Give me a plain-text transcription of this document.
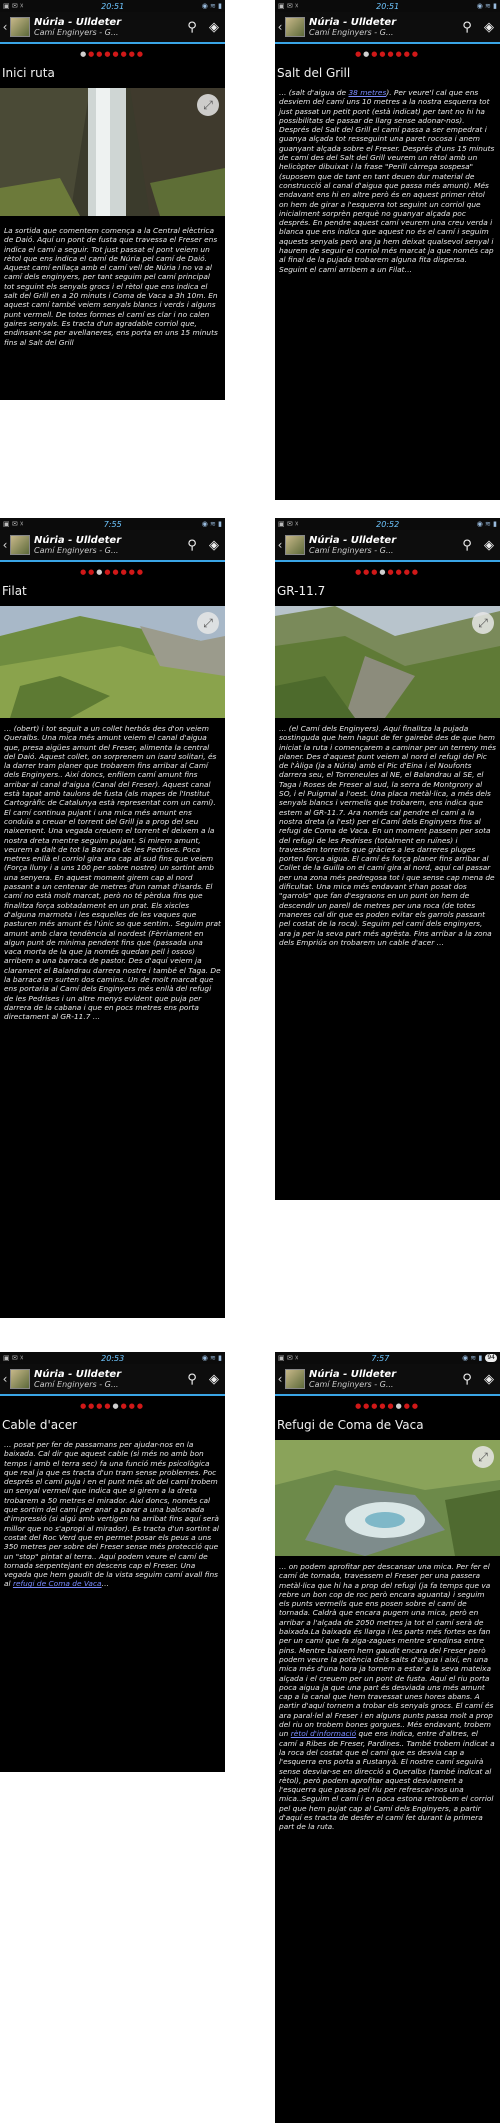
▣ ✉ ☓	20:51	◉ ≋ ▮
‹	Núria - Ulldeter
Camí Enginyers - G...	⚲ ◈
●●●●●●●●
Inici ruta
⤢
La sortida que comentem comença a la Central elèctrica de Daió. Aquí un pont de fusta que travessa el Freser ens indica el camí a seguir. Tot just passat el pont veiem un rètol que ens indica el camí de Núria pel camí de Daió. Aquest camí enllaça amb el camí vell de Núria i no va al camí dels enginyers, per tant seguim pel camí principal tot seguint els senyals grocs i el rètol que ens indica el salt del Grill en a 20 minuts i Coma de Vaca a 3h 10m. En aquest camí també veiem senyals blancs i verds i alguns punt vermell. De totes formes el camí es clar i no calen gaires senyals. Es tracta d'un agradable corriol que, endinsant-se per avellaneres, ens porta en uns 15 minuts fins al Salt del Grill
▣ ✉ ☓	20:51	◉ ≋ ▮
‹	Núria - Ulldeter
Camí Enginyers - G...	⚲ ◈
●●●●●●●●
Salt del Grill
… (salt d'aigua de 38 metres). Per veure'l cal que ens desviem del camí uns 10 metres a la nostra esquerra tot just passat un petit pont (està indicat) per tant no hi ha possibilitats de passar de llarg sense adonar-nos). Després del Salt del Grill el camí passa a ser empedrat i guanya alçada tot resseguint una paret rocosa i anem guanyant alçada sobre el Freser. Després d'uns 15 minuts de camí des del Salt del Grill veurem un rètol amb un helicòpter dibuixat i la frase "Perill càrrega sospesa" (suposem que de tant en tant deuen dur material de construcció al canal d'aigua que passa més amunt). Més endavant ens hi en altre però és en aquest primer rètol on hem de girar a l'esquerra tot seguint un corriol que inicialment sorprèn perquè no guanyar alçada poc després. En pendre aquest camí veurem una creu verda i blanca que ens indica que aquest no és el camí i seguim aquests senyals però ara ja hem deixat qualsevol senyal i haurem de seguir el corriol més marcat ja que només cap al final de la pujada trobarem alguna fita dispersa. Seguint el camí arribem a un Filat…
▣ ✉ ☓	7:55	◉ ≋ ▮
‹	Núria - Ulldeter
Camí Enginyers - G...	⚲ ◈
●●●●●●●●
Filat
⤢
… (obert) i tot seguit a un collet herbós des d'on veiem Queralbs. Una mica més amunt veiem el canal d'aigua que, presa aigües amunt del Freser, alimenta la central del Daió. Aquest collet, on sorprenem un isard solitari, és la darrer tram planer que trobarem fins arribar al Camí dels Enginyers.. Així doncs, enfilem camí amunt fins arribar al canal d'aigua (Canal del Freser). Aquest canal està tapat amb taulons de fusta (als mapes de l'Institut Cartogràfic de Catalunya està representat com un camí). El camí continua pujant i una mica més amunt ens conduïa a creuar el torrent del Grill ja a prop del seu naixement. Una vegada creuem el torrent el deixem a la nostra dreta mentre seguim pujant. Si mirem amunt, veurem a dalt de tot la Barraca de les Pedrises. Poca metres enllà el corriol gira ara cap al sud fins que veiem (Força lluny i a uns 100 per sobre nostre) un sortint amb una senyera. En aquest moment girem cap al nord passant a un centenar de metres d'un ramat d'isards. El camí no està molt marcat, però no té pèrdua fins que finalitza força sobtadament en un prat. Els xiscles d'alguna marmota i les esquelles de les vaques que pasturen més amunt és l'únic so que sentim.. Seguim prat amunt amb clara tendència al nordest (Fèrriament en algun punt de mínima pendent fins que (passada una vaca morta de la que ja només quedan pell i ossos) arribem a una barraca de pastor. Des d'aquí veiem ja clarament el Balandrau darrera nostre i també el Taga. De la barraca en surten dos camins. Un de molt marcat que ens portaria al Camí dels Enginyers més enllà del refugi de les Pedrises i un altre menys evident que puja per darrera de la cabana i que en pocs metres ens porta directament al GR-11.7 …
▣ ✉ ☓	20:52	◉ ≋ ▮
‹	Núria - Ulldeter
Camí Enginyers - G...	⚲ ◈
●●●●●●●●
GR-11.7
⤢
… (el Camí dels Enginyers). Aquí finalitza la pujada sostinguda que hem hagut de fer gairebé des de que hem iniciat la ruta i començarem a caminar per un terreny més planer. Des d'aquest punt veiem al nord el refugi del Pic de l'Àliga (ja a Núria) amb el Pic d'Eina i el Noufonts darrera seu, el Torreneules al NE, el Balandrau al SE, el Taga i Roses de Freser al sud, la serra de Montgrony al SO, i el Puigmal a l'oest. Una placa metàl·lica, a més dels senyals blancs i vermells que trobarem, ens indica que estem al GR-11.7. Ara només cal pendre el camí a la nostra dreta (a l'est) per el Camí dels Enginyers fins al refugi de Coma de Vaca. En un moment passem per sota del refugi de les Pedrises (totalment en ruïnes) i travessem torrents que gràcies a les darreres pluges porten força aigua. El camí és força planer fins arribar al Collet de la Guilla on el camí gira al nord, aquí cal passar per una zona més pedregosa tot i que sense cap mena de dificultat. Una mica més endavant s'han posat dos "garrols" que fan d'esgraons en un punt on hem de descendir un parell de metres per una roca (de totes maneres cal dir que es poden evitar els garrols passant pel costat de la roca). Seguim pel camí dels enginyers, ara ja per la seva part més agrèsta. Fins arribar a la zona dels Empriús on trobarem un cable d'acer …
▣ ✉ ☓	20:53	◉ ≋ ▮
‹	Núria - Ulldeter
Camí Enginyers - G...	⚲ ◈
●●●●●●●●
Cable d'acer
… posat per fer de passamans per ajudar-nos en la baixada. Cal dir que aquest cable (si més no amb bon temps i amb el terra sec) fa una funció més psicològica que real ja que es tracta d'un tram sense problemes. Poc després el camí puja i en el punt més alt del camí trobem un senyal vermell que indica que si girem a la dreta trobarem a 50 metres el mirador. Així doncs, només cal que sortim del camí per anar a parar a una balconada d'impressió (si algú amb vertigen ha arribat fins aquí serà millor que no s'apropi al mirador). Es tracta d'un sortint al costat del Roc Verd que en permet posar els peus a uns 350 metres per sobre del Freser sense més protecció que un "stop" pintat al terra.. Aquí podem veure el camí de tornada serpentejant en descens cap el Freser. Una vegada que hem gaudit de la vista seguim camí avall fins al refugi de Coma de Vaca…
▣ ✉ ☓	7:57	◉ ≋ ▮ 94
‹	Núria - Ulldeter
Camí Enginyers - G...	⚲ ◈
●●●●●●●●
Refugi de Coma de Vaca
⤢
… on podem aprofitar per descansar una mica. Per fer el camí de tornada, travessem el Freser per una passera metàl·lica que hi ha a prop del refugi (ja fa temps que va rebre un bon cop de roc però encara aguanta) i seguim els punts vermells que ens posen sobre el camí de tornada. Caldrà que encara pugem una mica, però en arribar a l'alçada de 2050 metres ja tot el camí serà de baixada.La baixada és llarga i les parts més fortes es fan per un camí que fa ziga-zagues mentre s'endinsa entre pins. Mentre baixem hem gaudit encara del Freser però podem veure la potència dels salts d'aigua i així, en una mica més d'una hora ja tornem a estar a la seva mateixa alçada i el creuem per un pont de fusta. Aquí el riu porta poca aigua ja que una part és desviada uns més amunt cap a la canal que hem travessat unes hores abans. A partir d'aquí tornem a trobar els senyals grocs. El camí és ara paral·lel al Freser i en alguns punts passa molt a prop del riu on trobem bones gorgues.. Més endavant, trobem un rètol d'informació que ens indica, entre d'altres, el camí a Ribes de Freser, Pardines.. També trobem indicat a la roca del costat que el camí que es desvia cap a l'esquerra ens porta a Fustanyà. El nostre camí seguirà sense desviar-se en direcció a Queralbs (també indicat al rètol), però podem aprofitar aquest desviament a l'esquerra que passa pel riu per refrescar-nos una mica..Seguim el camí i en poca estona retrobem el corriol pel que hem pujat cap al Camí dels Enginyers, a partir d'aquí es tracta de desfer el camí fet durant la primera part de la ruta.
